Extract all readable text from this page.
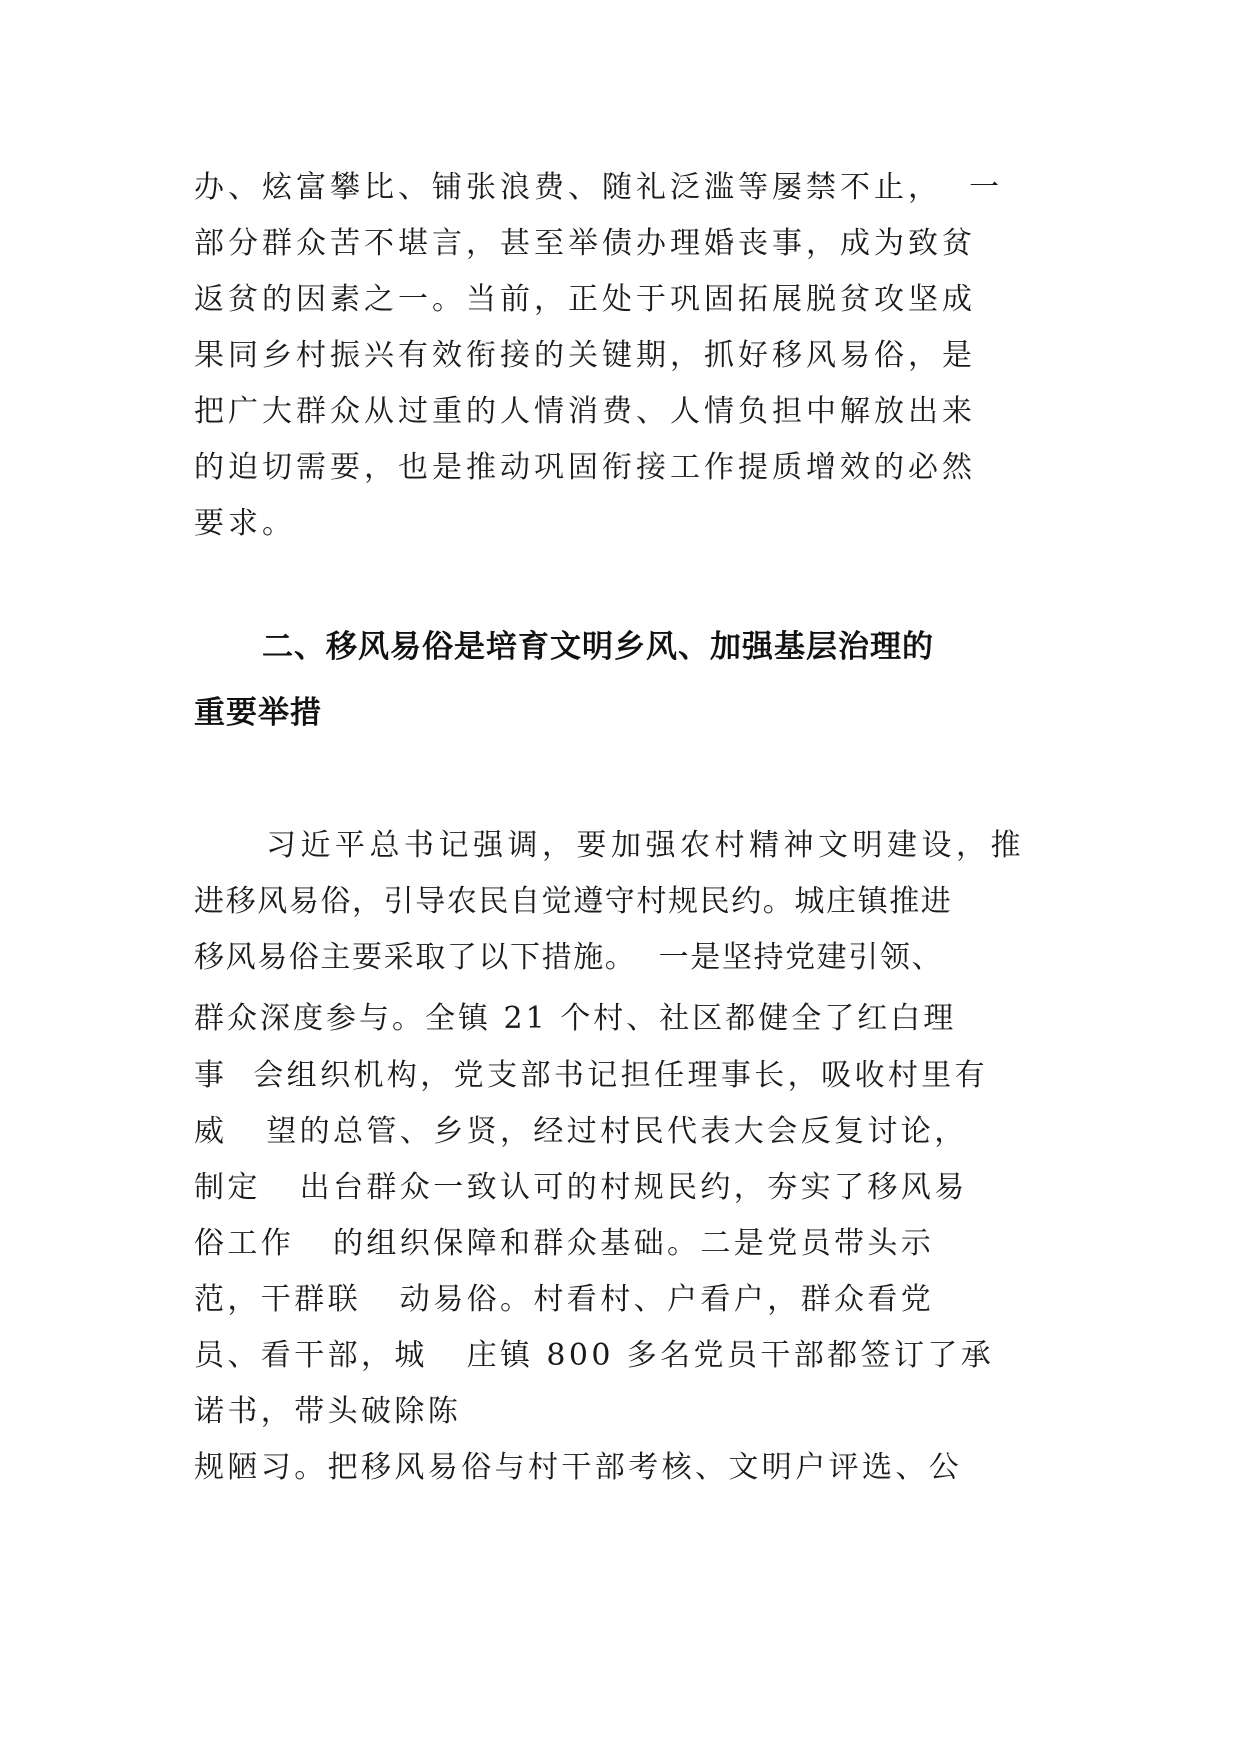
办、炫富攀比、铺张浪费、随礼泛滥等屡禁不止，  一

部分群众苦不堪言，甚至举债办理婚丧事，成为致贫

返贫的因素之一。当前，正处于巩固拓展脱贫攻坚成

果同乡村振兴有效衔接的关键期，抓好移风易俗，是

把广大群众从过重的人情消费、人情负担中解放出来

的迫切需要，也是推动巩固衔接工作提质增效的必然

要求。

二、移风易俗是培育文明乡风、加强基层治理的
重要举措

习近平总书记强调，要加强农村精神文明建设，推

进移风易俗，引导农民自觉遵守村规民约。城庄镇推进

移风易俗主要采取了以下措施。  一是坚持党建引领、

群众深度参与。全镇 21 个村、社区都健全了红白理

事  会组织机构，党支部书记担任理事长，吸收村里有

威   望的总管、乡贤，经过村民代表大会反复讨论，

制定   出台群众一致认可的村规民约，夯实了移风易

俗工作   的组织保障和群众基础。二是党员带头示

范，干群联   动易俗。村看村、户看户，群众看党

员、看干部，城   庄镇 800 多名党员干部都签订了承

诺书，带头破除陈

规陋习。把移风易俗与村干部考核、文明户评选、公
